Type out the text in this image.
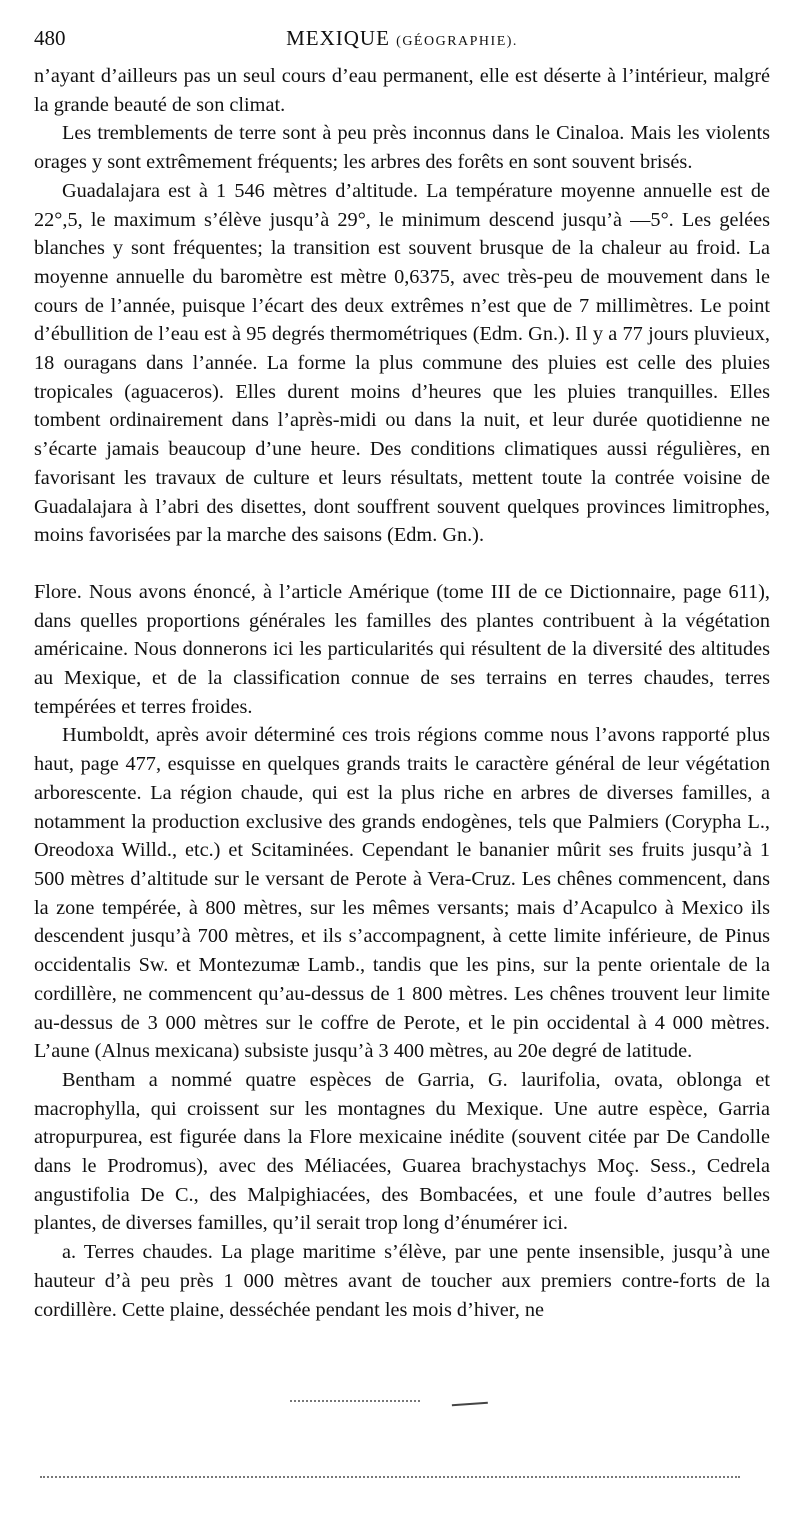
480	MEXIQUE (GÉOGRAPHIE).

n’ayant d’ailleurs pas un seul cours d’eau permanent, elle est déserte à l’intérieur, malgré la grande beauté de son climat.

Les tremblements de terre sont à peu près inconnus dans le Cinaloa. Mais les violents orages y sont extrêmement fréquents; les arbres des forêts en sont souvent brisés.

Guadalajara est à 1 546 mètres d’altitude. La température moyenne annuelle est de 22°,5, le maximum s’élève jusqu’à 29°, le minimum descend jusqu’à —5°. Les gelées blanches y sont fréquentes; la transition est souvent brusque de la chaleur au froid. La moyenne annuelle du baromètre est mètre 0,6375, avec très-peu de mouvement dans le cours de l’année, puisque l’écart des deux extrêmes n’est que de 7 millimètres. Le point d’ébullition de l’eau est à 95 degrés thermométriques (Edm. Gn.). Il y a 77 jours pluvieux, 18 ouragans dans l’année. La forme la plus commune des pluies est celle des pluies tropicales (aguaceros). Elles durent moins d’heures que les pluies tranquilles. Elles tombent ordinairement dans l’après-midi ou dans la nuit, et leur durée quotidienne ne s’écarte jamais beaucoup d’une heure. Des conditions climatiques aussi régulières, en favorisant les travaux de culture et leurs résultats, mettent toute la contrée voisine de Guadalajara à l’abri des disettes, dont souffrent souvent quelques provinces limitrophes, moins favorisées par la marche des saisons (Edm. Gn.).

Flore. Nous avons énoncé, à l’article Amérique (tome III de ce Dictionnaire, page 611), dans quelles proportions générales les familles des plantes contribuent à la végétation américaine. Nous donnerons ici les particularités qui résultent de la diversité des altitudes au Mexique, et de la classification connue de ses terrains en terres chaudes, terres tempérées et terres froides.

Humboldt, après avoir déterminé ces trois régions comme nous l’avons rapporté plus haut, page 477, esquisse en quelques grands traits le caractère général de leur végétation arborescente. La région chaude, qui est la plus riche en arbres de diverses familles, a notamment la production exclusive des grands endogènes, tels que Palmiers (Corypha L., Oreodoxa Willd., etc.) et Scitaminées. Cependant le bananier mûrit ses fruits jusqu’à 1 500 mètres d’altitude sur le versant de Perote à Vera-Cruz. Les chênes commencent, dans la zone tempérée, à 800 mètres, sur les mêmes versants; mais d’Acapulco à Mexico ils descendent jusqu’à 700 mètres, et ils s’accompagnent, à cette limite inférieure, de Pinus occidentalis Sw. et Montezumæ Lamb., tandis que les pins, sur la pente orientale de la cordillère, ne commencent qu’au-dessus de 1 800 mètres. Les chênes trouvent leur limite au-dessus de 3 000 mètres sur le coffre de Perote, et le pin occidental à 4 000 mètres. L’aune (Alnus mexicana) subsiste jusqu’à 3 400 mètres, au 20e degré de latitude.

Bentham a nommé quatre espèces de Garria, G. laurifolia, ovata, oblonga et macrophylla, qui croissent sur les montagnes du Mexique. Une autre espèce, Garria atropurpurea, est figurée dans la Flore mexicaine inédite (souvent citée par De Candolle dans le Prodromus), avec des Méliacées, Guarea brachystachys Moç. Sess., Cedrela angustifolia De C., des Malpighiacées, des Bombacées, et une foule d’autres belles plantes, de diverses familles, qu’il serait trop long d’énumérer ici.

a. Terres chaudes. La plage maritime s’élève, par une pente insensible, jusqu’à une hauteur d’à peu près 1 000 mètres avant de toucher aux premiers contre-forts de la cordillère. Cette plaine, desséchée pendant les mois d’hiver, ne
